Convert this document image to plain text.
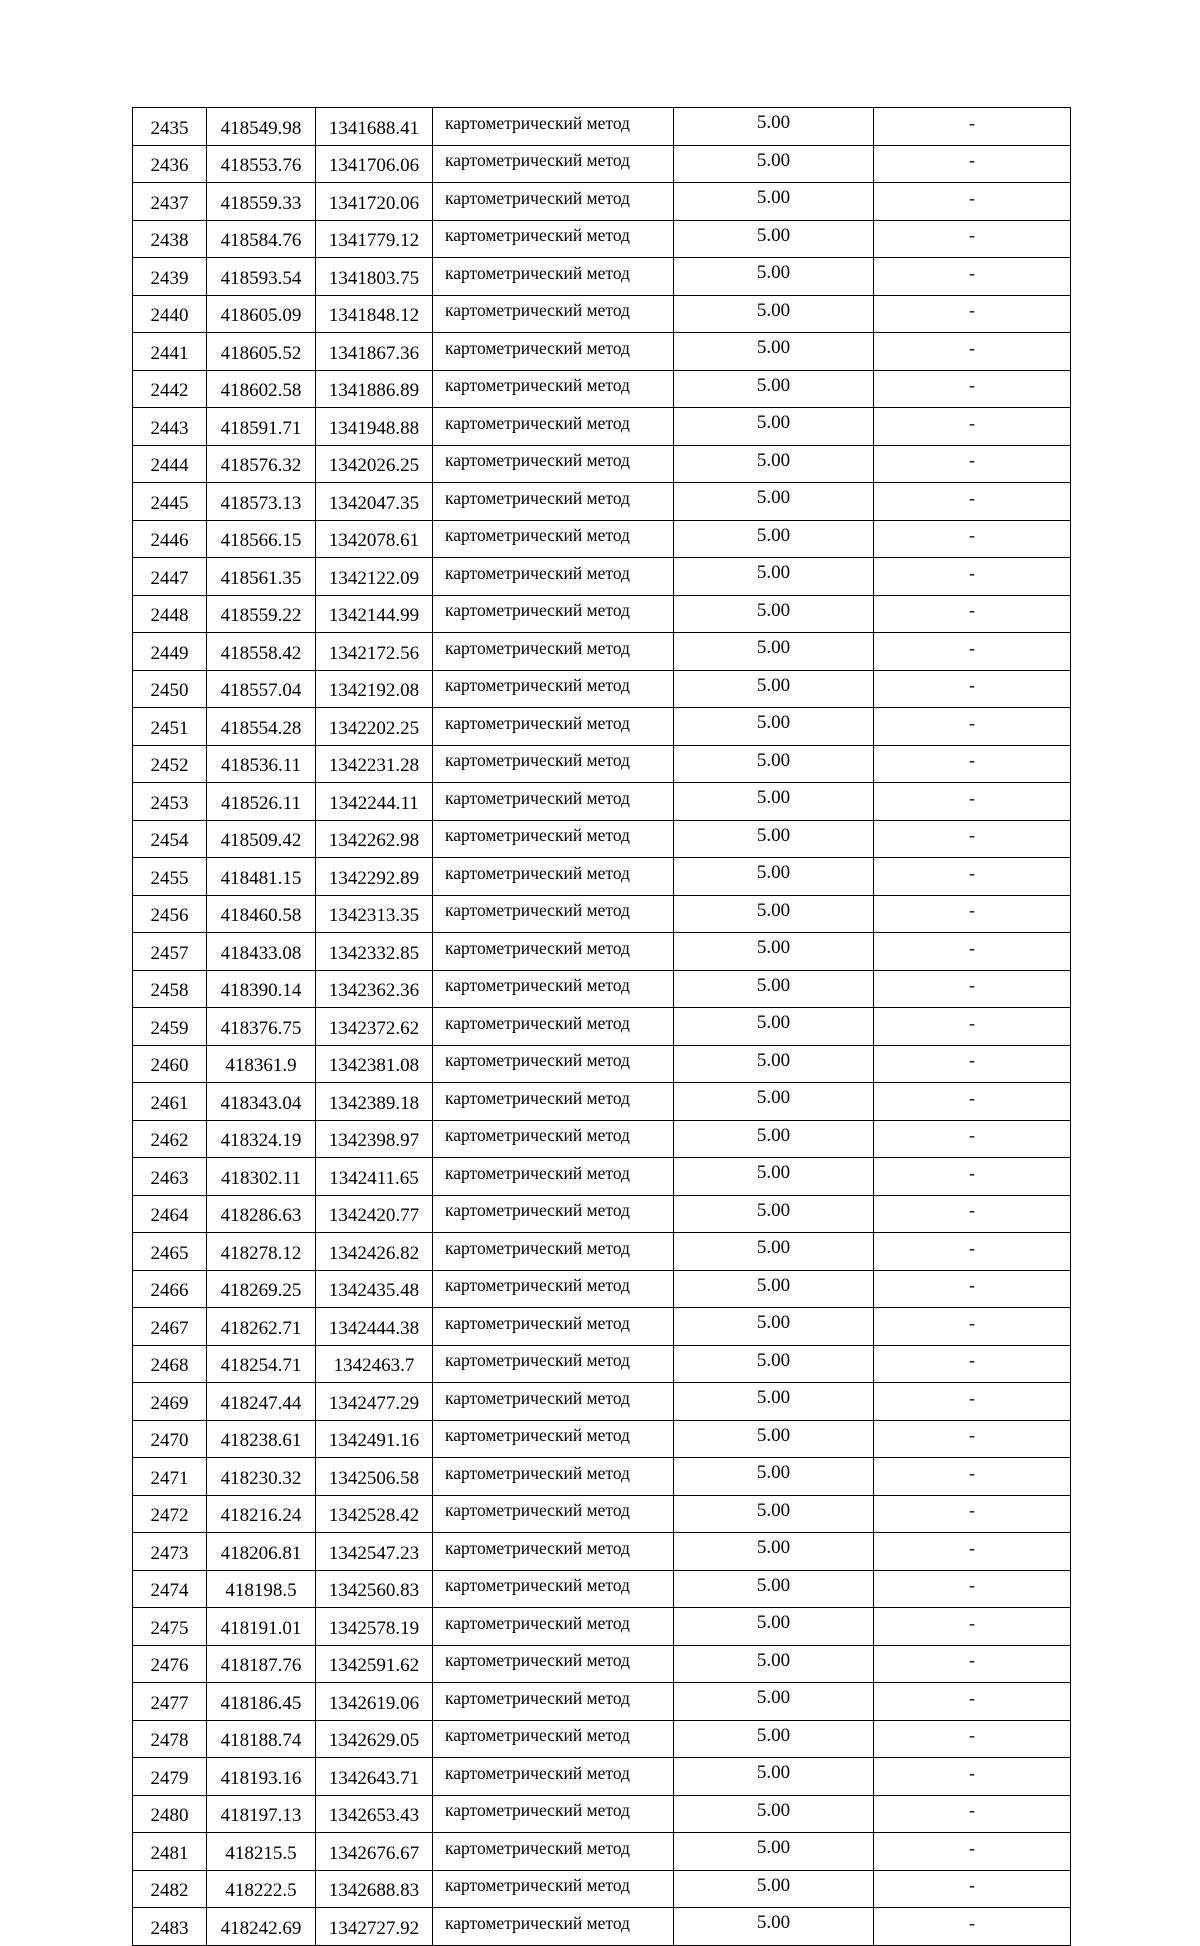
2435	418549.98	1341688.41	картометрический метод	5.00	-
2436	418553.76	1341706.06	картометрический метод	5.00	-
2437	418559.33	1341720.06	картометрический метод	5.00	-
2438	418584.76	1341779.12	картометрический метод	5.00	-
2439	418593.54	1341803.75	картометрический метод	5.00	-
2440	418605.09	1341848.12	картометрический метод	5.00	-
2441	418605.52	1341867.36	картометрический метод	5.00	-
2442	418602.58	1341886.89	картометрический метод	5.00	-
2443	418591.71	1341948.88	картометрический метод	5.00	-
2444	418576.32	1342026.25	картометрический метод	5.00	-
2445	418573.13	1342047.35	картометрический метод	5.00	-
2446	418566.15	1342078.61	картометрический метод	5.00	-
2447	418561.35	1342122.09	картометрический метод	5.00	-
2448	418559.22	1342144.99	картометрический метод	5.00	-
2449	418558.42	1342172.56	картометрический метод	5.00	-
2450	418557.04	1342192.08	картометрический метод	5.00	-
2451	418554.28	1342202.25	картометрический метод	5.00	-
2452	418536.11	1342231.28	картометрический метод	5.00	-
2453	418526.11	1342244.11	картометрический метод	5.00	-
2454	418509.42	1342262.98	картометрический метод	5.00	-
2455	418481.15	1342292.89	картометрический метод	5.00	-
2456	418460.58	1342313.35	картометрический метод	5.00	-
2457	418433.08	1342332.85	картометрический метод	5.00	-
2458	418390.14	1342362.36	картометрический метод	5.00	-
2459	418376.75	1342372.62	картометрический метод	5.00	-
2460	418361.9	1342381.08	картометрический метод	5.00	-
2461	418343.04	1342389.18	картометрический метод	5.00	-
2462	418324.19	1342398.97	картометрический метод	5.00	-
2463	418302.11	1342411.65	картометрический метод	5.00	-
2464	418286.63	1342420.77	картометрический метод	5.00	-
2465	418278.12	1342426.82	картометрический метод	5.00	-
2466	418269.25	1342435.48	картометрический метод	5.00	-
2467	418262.71	1342444.38	картометрический метод	5.00	-
2468	418254.71	1342463.7	картометрический метод	5.00	-
2469	418247.44	1342477.29	картометрический метод	5.00	-
2470	418238.61	1342491.16	картометрический метод	5.00	-
2471	418230.32	1342506.58	картометрический метод	5.00	-
2472	418216.24	1342528.42	картометрический метод	5.00	-
2473	418206.81	1342547.23	картометрический метод	5.00	-
2474	418198.5	1342560.83	картометрический метод	5.00	-
2475	418191.01	1342578.19	картометрический метод	5.00	-
2476	418187.76	1342591.62	картометрический метод	5.00	-
2477	418186.45	1342619.06	картометрический метод	5.00	-
2478	418188.74	1342629.05	картометрический метод	5.00	-
2479	418193.16	1342643.71	картометрический метод	5.00	-
2480	418197.13	1342653.43	картометрический метод	5.00	-
2481	418215.5	1342676.67	картометрический метод	5.00	-
2482	418222.5	1342688.83	картометрический метод	5.00	-
2483	418242.69	1342727.92	картометрический метод	5.00	-
